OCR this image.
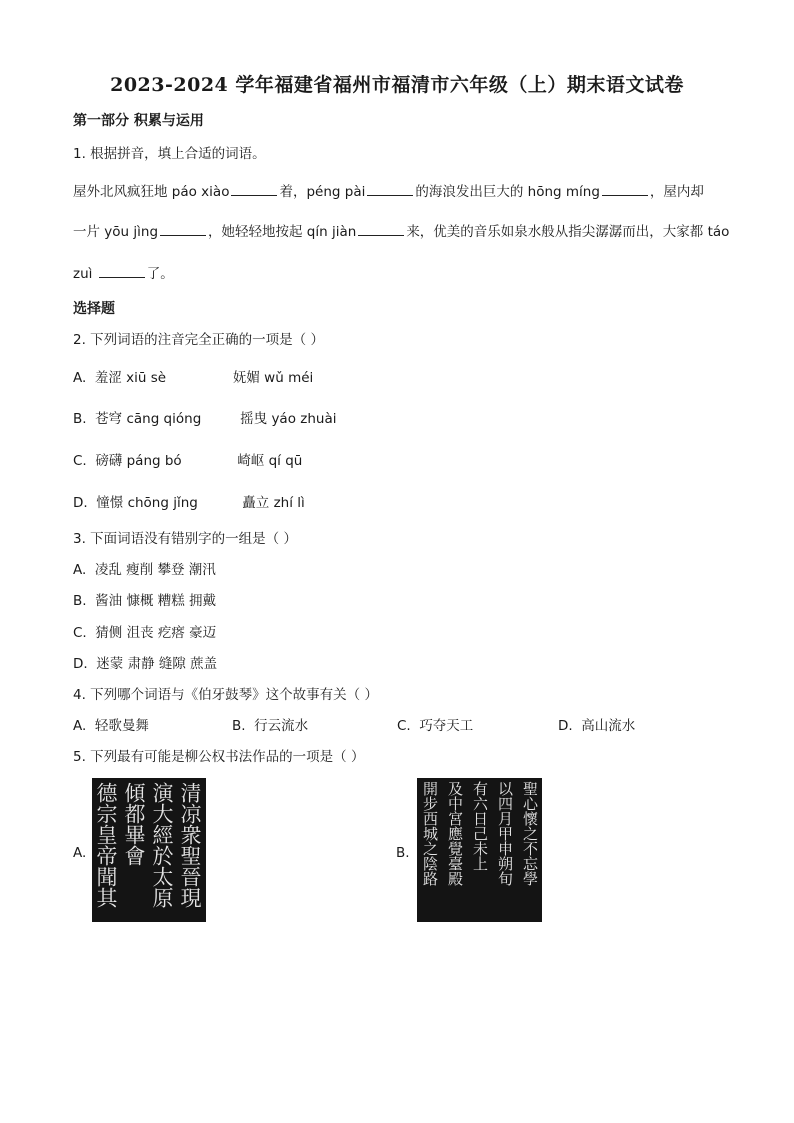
2023-2024 学年福建省福州市福清市六年级（上）期末语文试卷
第一部分 积累与运用
1. 根据拼音，填上合适的词语。
屋外北风疯狂地 páo xiào	着，péng pài	的海浪发出巨大的 hōng míng	，屋内却
一片 yōu jìng	，她轻轻地按起 qín jiàn	来，优美的音乐如泉水般从指尖潺潺而出，大家都 táo
zuì	了。
选择题
2. 下列词语的注音完全正确的一项是（ ）
A. 羞涩 xiū sè	妩媚 wǔ méi
B. 苍穹 cāng qióng	摇曳 yáo zhuài
C. 磅礴 páng bó	崎岖 qí qū
D. 憧憬 chōng jǐng	矗立 zhí lì
3. 下面词语没有错别字的一组是（ ）
A. 凌乱 瘦削 攀登 潮汛
B. 酱油 慷概 糟糕 拥戴
C. 猜侧 沮丧 疙瘩 豪迈
D. 迷蒙 肃静 缝隙 蔗盖
4. 下列哪个词语与《伯牙鼓琴》这个故事有关（ ）
A. 轻歌曼舞	B. 行云流水	C. 巧夺天工	D. 高山流水
5. 下列最有可能是柳公权书法作品的一项是（ ）
A.	清凉衆聖晉現
演大經於太原
傾都畢會
德宗皇帝聞其	B.	聖心懷之不忘學
以四月甲申朔旬
有六日己未上
及中宮應覺臺殿
開步西城之陰路
